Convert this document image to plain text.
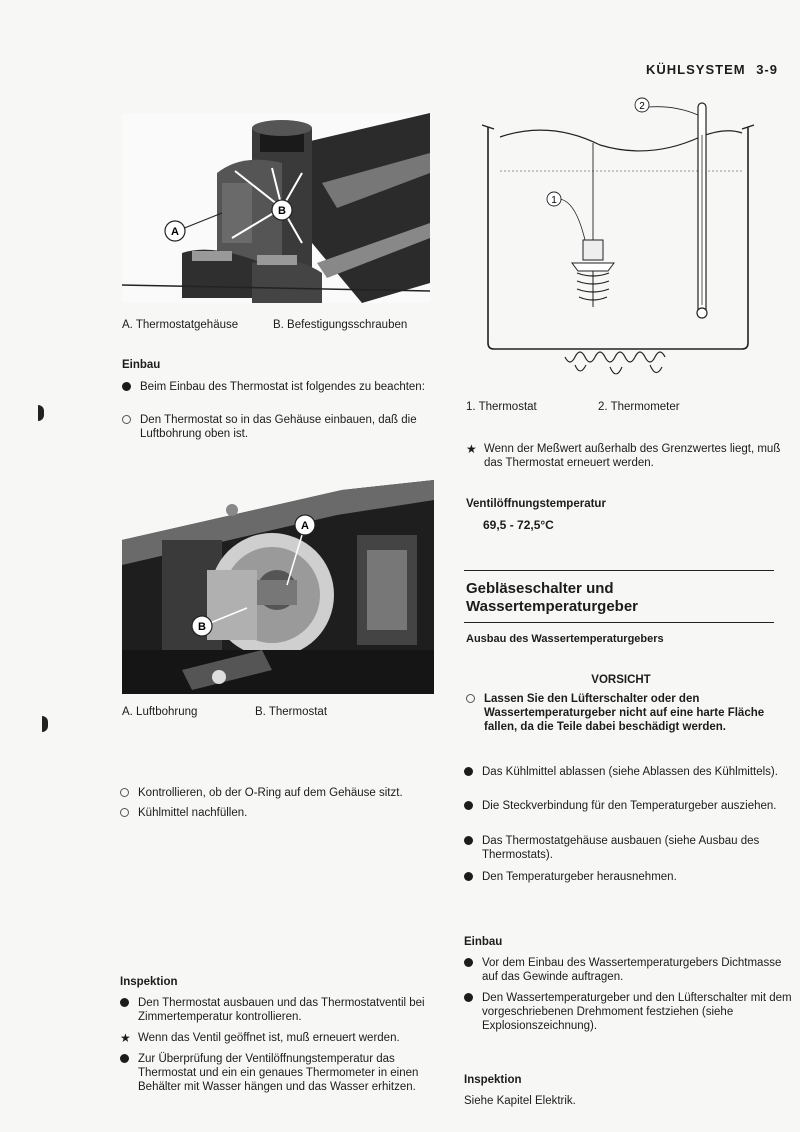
KÜHLSYSTEM 3-9
A
B
A. Thermostatgehäuse	B. Befestigungsschrauben
Einbau
Beim Einbau des Thermostat ist folgendes zu beachten:
Den Thermostat so in das Gehäuse einbauen, daß die Luftbohrung oben ist.
A
B
A. Luftbohrung	B. Thermostat
Kontrollieren, ob der O-Ring auf dem Gehäuse sitzt.
Kühlmittel nachfüllen.
Inspektion
Den Thermostat ausbauen und das Thermostatventil bei Zimmertemperatur kontrollieren.
★ Wenn das Ventil geöffnet ist, muß erneuert werden.
Zur Überprüfung der Ventilöffnungstemperatur das Thermostat und ein ein genaues Thermometer in einen Behälter mit Wasser hängen und das Wasser erhitzen.
1
2
1. Thermostat	2. Thermometer
★ Wenn der Meßwert außerhalb des Grenzwertes liegt, muß das Thermostat erneuert werden.
Ventilöffnungstemperatur
69,5 - 72,5°C
Gebläseschalter und Wassertemperaturgeber
Ausbau des Wassertemperaturgebers
VORSICHT
Lassen Sie den Lüfterschalter oder den Wassertemperaturgeber nicht auf eine harte Fläche fallen, da die Teile dabei beschädigt werden.
Das Kühlmittel ablassen (siehe Ablassen des Kühlmittels).
Die Steckverbindung für den Temperaturgeber ausziehen.
Das Thermostatgehäuse ausbauen (siehe Ausbau des Thermostats).
Den Temperaturgeber herausnehmen.
Einbau
Vor dem Einbau des Wassertemperaturgebers Dichtmasse auf das Gewinde auftragen.
Den Wassertemperaturgeber und den Lüfterschalter mit dem vorgeschriebenen Drehmoment festziehen (siehe Explosionszeichnung).
Inspektion
Siehe Kapitel Elektrik.
